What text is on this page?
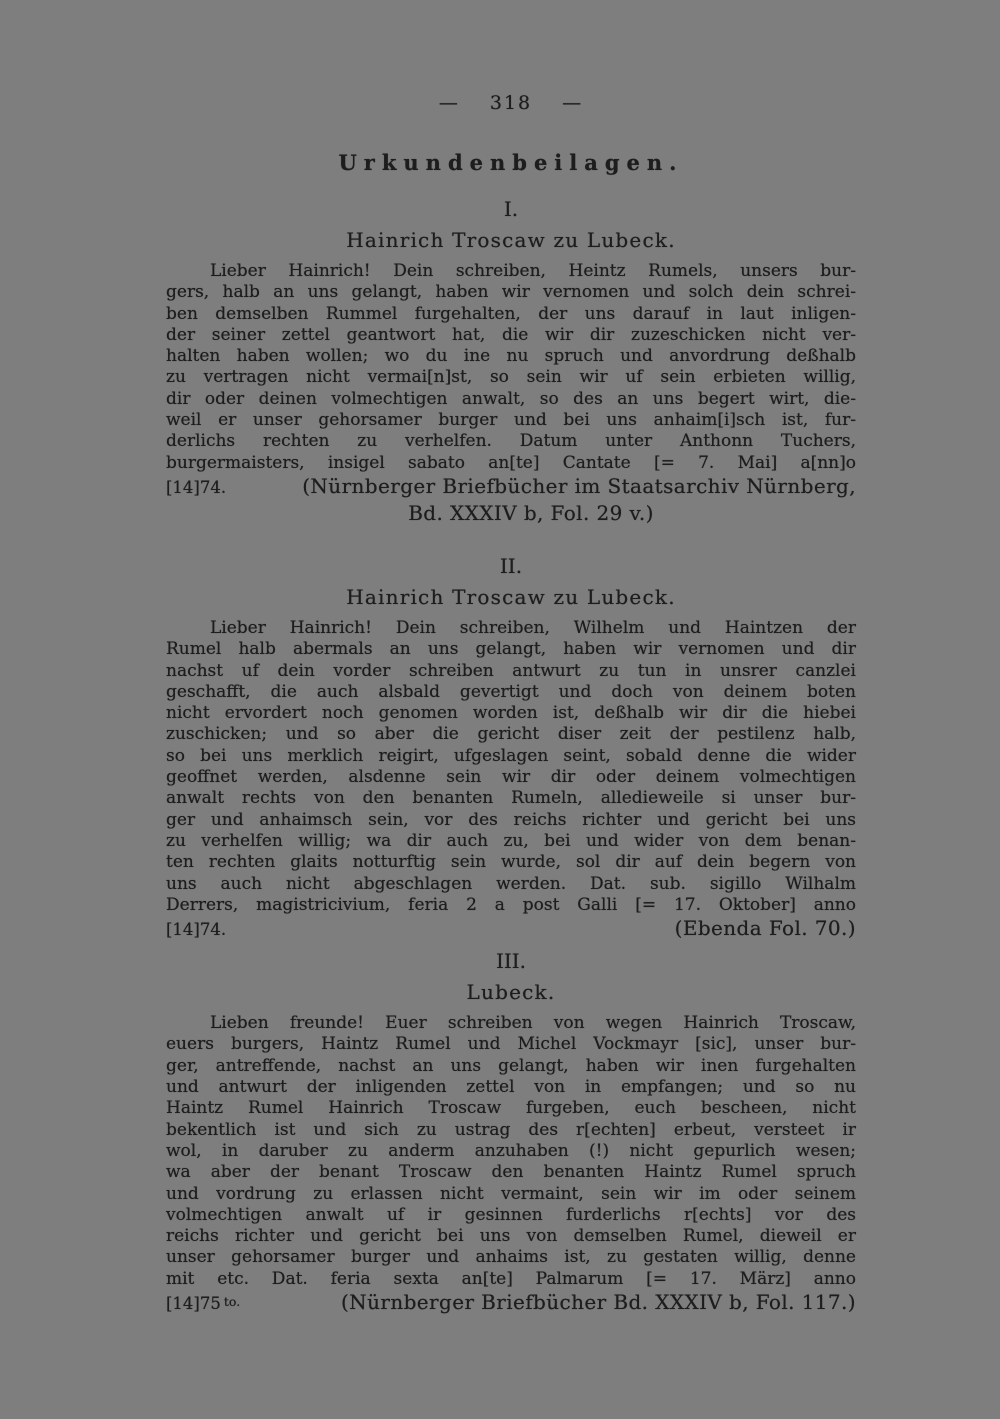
— 318 —
Urkundenbeilagen.
I.
Hainrich Troscaw zu Lubeck.
Lieber Hainrich! Dein schreiben, Heintz Rumels, unsers bur-
gers, halb an uns gelangt, haben wir vernomen und solch dein schrei-
ben demselben Rummel furgehalten, der uns darauf in laut inligen-
der seiner zettel geantwort hat, die wir dir zuzeschicken nicht ver-
halten haben wollen; wo du ine nu spruch und anvordrung deßhalb
zu vertragen nicht vermai[n]st, so sein wir uf sein erbieten willig,
dir oder deinen volmechtigen anwalt, so des an uns begert wirt, die-
weil er unser gehorsamer burger und bei uns anhaim[i]sch ist, fur-
derlichs rechten zu verhelfen. Datum unter Anthonn Tuchers,
burgermaisters, insigel sabato an[te] Cantate [= 7. Mai] a[nn]o
[14]74.	(Nürnberger Briefbücher im Staatsarchiv Nürnberg,
Bd. XXXIV b, Fol. 29 v.)
II.
Hainrich Troscaw zu Lubeck.
Lieber Hainrich! Dein schreiben, Wilhelm und Haintzen der
Rumel halb abermals an uns gelangt, haben wir vernomen und dir
nachst uf dein vorder schreiben antwurt zu tun in unsrer canzlei
geschafft, die auch alsbald gevertigt und doch von deinem boten
nicht ervordert noch genomen worden ist, deßhalb wir dir die hiebei
zuschicken; und so aber die gericht diser zeit der pestilenz halb,
so bei uns merklich reigirt, ufgeslagen seint, sobald denne die wider
geoffnet werden, alsdenne sein wir dir oder deinem volmechtigen
anwalt rechts von den benanten Rumeln, alledieweile si unser bur-
ger und anhaimsch sein, vor des reichs richter und gericht bei uns
zu verhelfen willig; wa dir auch zu, bei und wider von dem benan-
ten rechten glaits notturftig sein wurde, sol dir auf dein begern von
uns auch nicht abgeschlagen werden. Dat. sub. sigillo Wilhalm
Derrers, magistricivium, feria 2 a post Galli [= 17. Oktober] anno
[14]74.	(Ebenda Fol. 70.)
III.
Lubeck.
Lieben freunde! Euer schreiben von wegen Hainrich Troscaw,
euers burgers, Haintz Rumel und Michel Vockmayr [sic], unser bur-
ger, antreffende, nachst an uns gelangt, haben wir inen furgehalten
und antwurt der inligenden zettel von in empfangen; und so nu
Haintz Rumel Hainrich Troscaw furgeben, euch bescheen, nicht
bekentlich ist und sich zu ustrag des r[echten] erbeut, versteet ir
wol, in daruber zu anderm anzuhaben (!) nicht gepurlich wesen;
wa aber der benant Troscaw den benanten Haintz Rumel spruch
und vordrung zu erlassen nicht vermaint, sein wir im oder seinem
volmechtigen anwalt uf ir gesinnen furderlichs r[echts] vor des
reichs richter und gericht bei uns von demselben Rumel, dieweil er
unser gehorsamer burger und anhaims ist, zu gestaten willig, denne
mit etc. Dat. feria sexta an[te] Palmarum [= 17. März] anno
[14]75 to.	(Nürnberger Briefbücher Bd. XXXIV b, Fol. 117.)
